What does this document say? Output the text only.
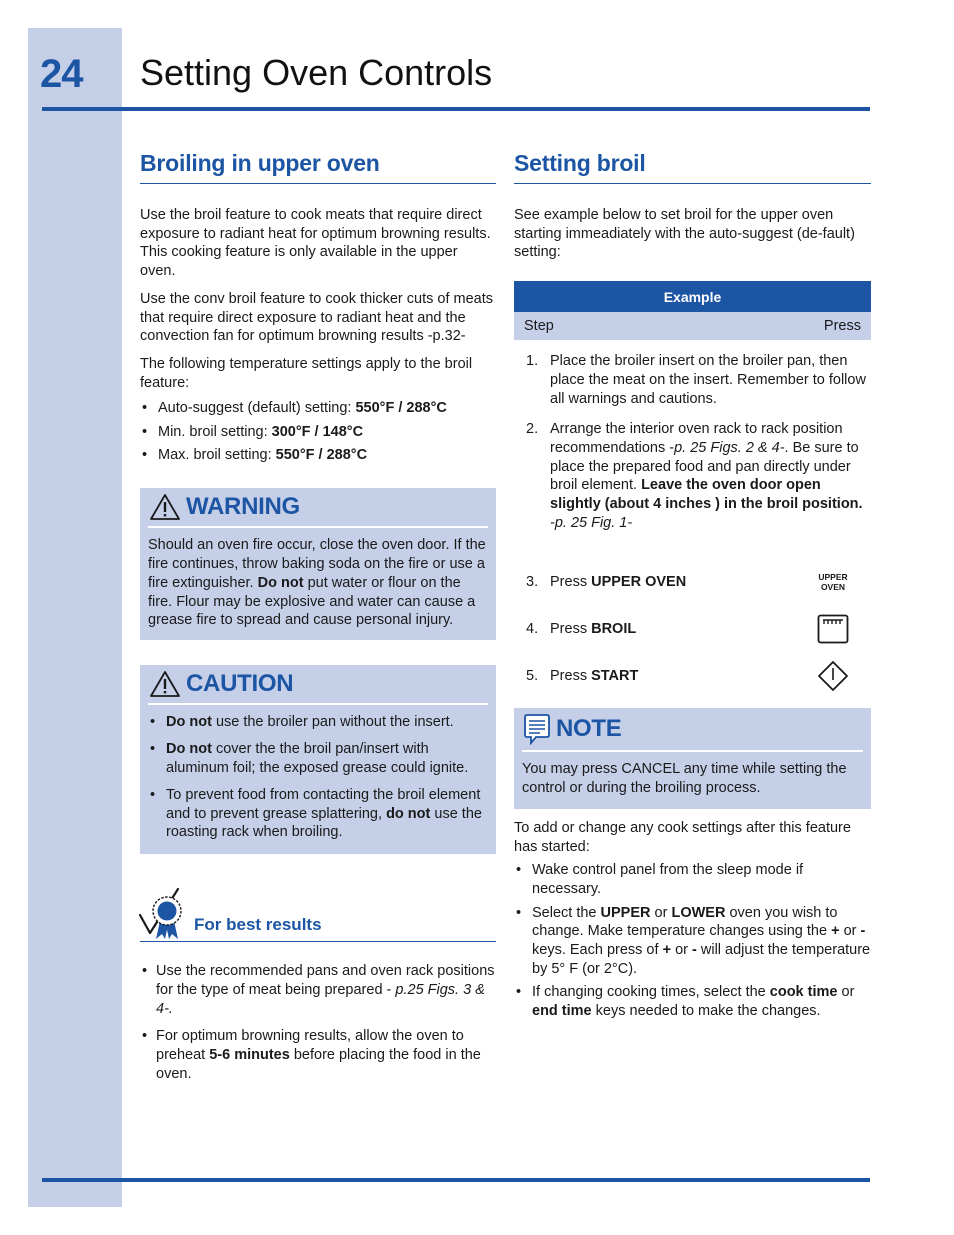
24 Setting Oven Controls
Broiling in upper oven

Use the broil feature to cook meats that require direct exposure to radiant heat for optimum browning results. This cooking feature is only available in the upper oven.

Use the conv broil feature to cook thicker cuts of meats that require direct exposure to radiant heat and the convection fan for optimum browning results -p.32-

The following temperature settings apply to the broil feature:

• Auto-suggest (default) setting: 550°F / 288°C
• Min. broil setting: 300°F / 148°C
• Max. broil setting: 550°F / 288°C
WARNING

Should an oven fire occur, close the oven door. If the fire continues, throw baking soda on the fire or use a fire extinguisher. Do not put water or flour on the fire. Flour may be explosive and water can cause a grease fire to spread and cause personal injury.

CAUTION
• Do not use the broiler pan without the insert.
• Do not cover the the broil pan/insert with aluminum foil; the exposed grease could ignite.
• To prevent food from contacting the broil element and to prevent grease splattering, do not use the roasting rack when broiling.
For best results
• Use the recommended pans and oven rack positions for the type of meat being prepared - p.25 Figs. 3 & 4-.
• For optimum browning results, allow the oven to preheat 5-6 minutes before placing the food in the oven.
Setting broil

See example below to set broil for the upper oven starting immeadiately with the auto-suggest (de-fault) setting:

Example
Step	Press
1. Place the broiler insert on the broiler pan, then place the meat on the insert. Remember to follow all warnings and cautions.
2. Arrange the interior oven rack to rack position recommendations -p. 25 Figs. 2 & 4-. Be sure to place the prepared food and pan directly under broil element. Leave the oven door open slightly (about 4 inches ) in the broil position. -p. 25 Fig. 1-
3. Press UPPER OVEN	UPPER
OVEN
4. Press BROIL
5. Press START
NOTE

You may press CANCEL any time while setting the control or during the broiling process.

To add or change any cook settings after this feature has started:

• Wake control panel from the sleep mode if necessary.
• Select the UPPER or LOWER oven you wish to change. Make temperature changes using the + or - keys. Each press of + or - will adjust the temperature by 5° F (or 2°C).
• If changing cooking times, select the cook time or end time keys needed to make the changes.
